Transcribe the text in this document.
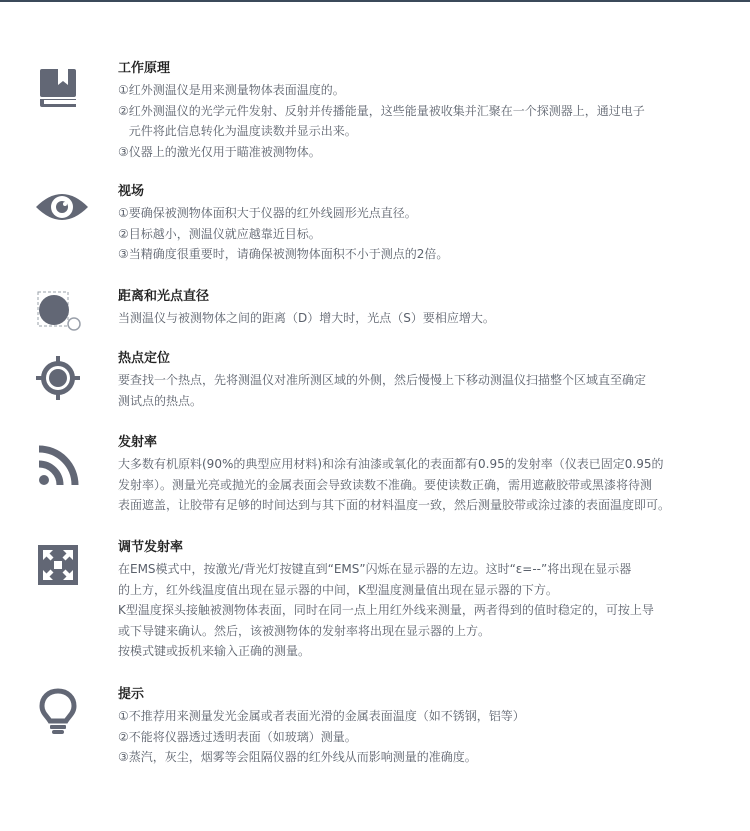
工作原理
①红外测温仪是用来测量物体表面温度的。
②红外测温仪的光学元件发射、反射并传播能量，这些能量被收集并汇聚在一个探测器上，通过电子
元件将此信息转化为温度读数并显示出来。
③仪器上的激光仅用于瞄准被测物体。
视场
①要确保被测物体面积大于仪器的红外线圆形光点直径。
②目标越小，测温仪就应越靠近目标。
③当精确度很重要时，请确保被测物体面积不小于测点的2倍。
距离和光点直径
当测温仪与被测物体之间的距离（D）增大时，光点（S）要相应增大。
热点定位
要查找一个热点，先将测温仪对准所测区域的外侧，然后慢慢上下移动测温仪扫描整个区域直至确定
测试点的热点。
发射率
大多数有机原料(90%的典型应用材料)和涂有油漆或氧化的表面都有0.95的发射率（仪表已固定0.95的
发射率）。测量光亮或抛光的金属表面会导致读数不准确。要使读数正确，需用遮蔽胶带或黑漆将待测
表面遮盖，让胶带有足够的时间达到与其下面的材料温度一致，然后测量胶带或涂过漆的表面温度即可。
调节发射率
在EMS模式中，按激光/背光灯按键直到“EMS”闪烁在显示器的左边。这时“ε=--”将出现在显示器
的上方，红外线温度值出现在显示器的中间，K型温度测量值出现在显示器的下方。
K型温度探头接触被测物体表面，同时在同一点上用红外线来测量，两者得到的值时稳定的，可按上导
或下导键来确认。然后，该被测物体的发射率将出现在显示器的上方。
按模式键或扳机来输入正确的测量。
提示
①不推荐用来测量发光金属或者表面光滑的金属表面温度（如不锈钢，铝等）
②不能将仪器透过透明表面（如玻璃）测量。
③蒸汽，灰尘，烟雾等会阻隔仪器的红外线从而影响测量的准确度。
